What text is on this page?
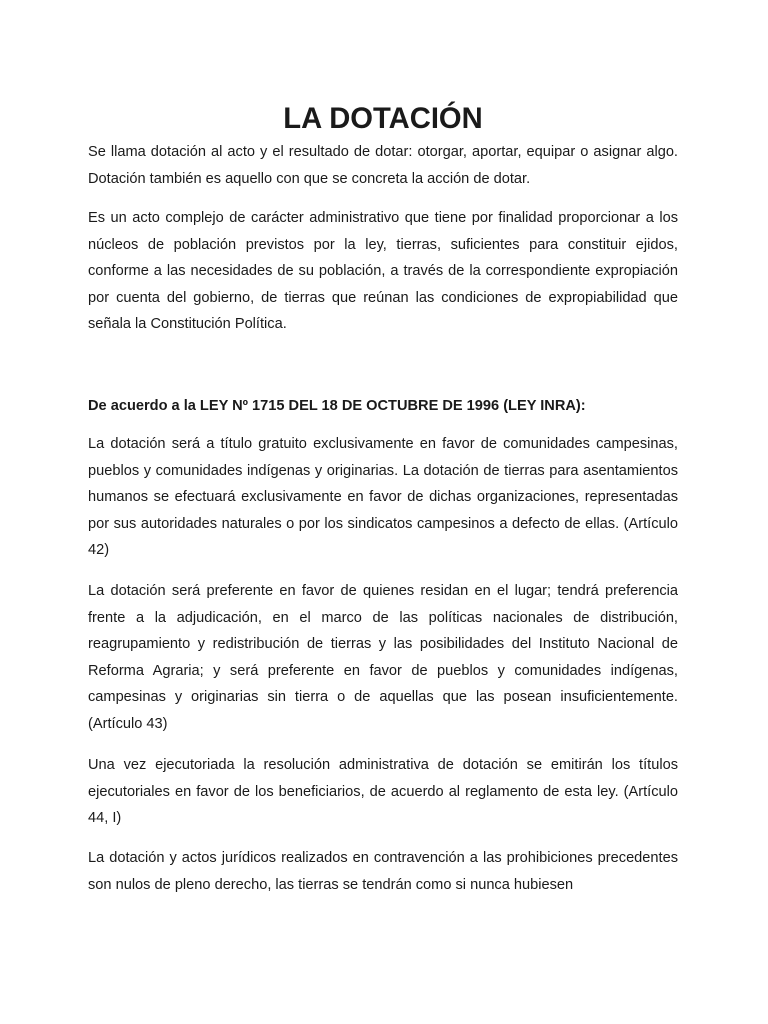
LA DOTACIÓN

Se llama dotación al acto y el resultado de dotar: otorgar, aportar, equipar o asignar algo. Dotación también es aquello con que se concreta la acción de dotar.

Es un acto complejo de carácter administrativo que tiene por finalidad proporcionar a los núcleos de población previstos por la ley, tierras, suficientes para constituir ejidos, conforme a las necesidades de su población, a través de la correspondiente expropiación por cuenta del gobierno, de tierras que reúnan las condiciones de expropiabilidad que señala la Constitución Política.

De acuerdo a la LEY Nº 1715 DEL 18 DE OCTUBRE DE 1996 (LEY INRA):

La dotación será a título gratuito exclusivamente en favor de comunidades campesinas, pueblos y comunidades indígenas y originarias. La dotación de tierras para asentamientos humanos se efectuará exclusivamente en favor de dichas organizaciones, representadas por sus autoridades naturales o por los sindicatos campesinos a defecto de ellas. (Artículo 42)

La dotación será preferente en favor de quienes residan en el lugar; tendrá preferencia frente a la adjudicación, en el marco de las políticas nacionales de distribución, reagrupamiento y redistribución de tierras y las posibilidades del Instituto Nacional de Reforma Agraria; y será preferente en favor de pueblos y comunidades indígenas, campesinas y originarias sin tierra o de aquellas que las posean insuficientemente. (Artículo 43)

Una vez ejecutoriada la resolución administrativa de dotación se emitirán los títulos ejecutoriales en favor de los beneficiarios, de acuerdo al reglamento de esta ley. (Artículo 44, I)

La dotación y actos jurídicos realizados en contravención a las prohibiciones precedentes son nulos de pleno derecho, las tierras se tendrán como si nunca hubiesen
